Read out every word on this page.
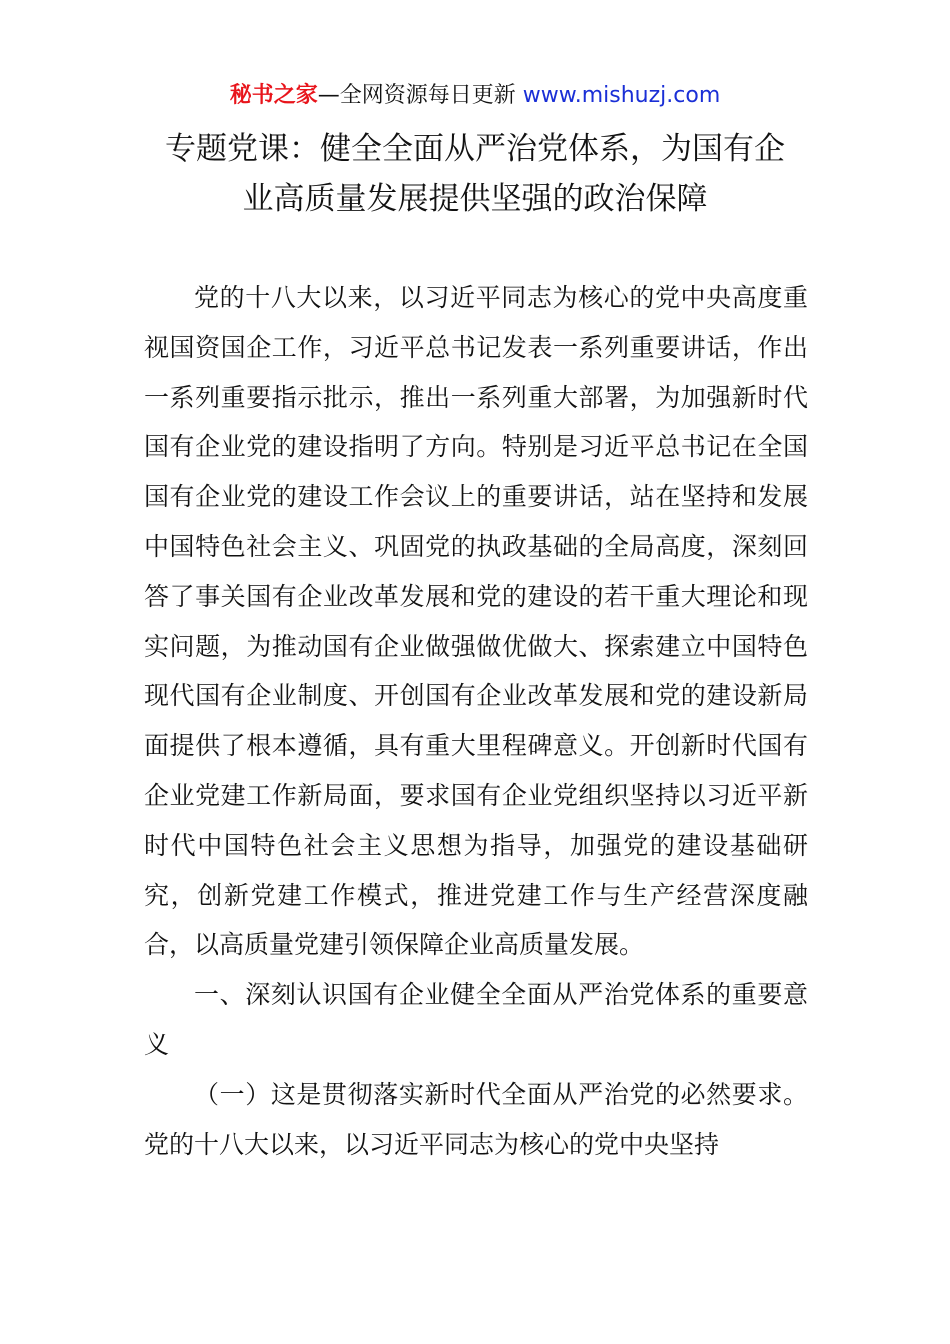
秘书之家—全网资源每日更新 www.mishuzj.com
专题党课：健全全面从严治党体系，为国有企
业高质量发展提供坚强的政治保障

党的十八大以来，以习近平同志为核心的党中央高度重视国资国企工作，习近平总书记发表一系列重要讲话，作出一系列重要指示批示，推出一系列重大部署，为加强新时代国有企业党的建设指明了方向。特别是习近平总书记在全国国有企业党的建设工作会议上的重要讲话，站在坚持和发展中国特色社会主义、巩固党的执政基础的全局高度，深刻回答了事关国有企业改革发展和党的建设的若干重大理论和现实问题，为推动国有企业做强做优做大、探索建立中国特色现代国有企业制度、开创国有企业改革发展和党的建设新局面提供了根本遵循，具有重大里程碑意义。开创新时代国有企业党建工作新局面，要求国有企业党组织坚持以习近平新时代中国特色社会主义思想为指导，加强党的建设基础研究，创新党建工作模式，推进党建工作与生产经营深度融合，以高质量党建引领保障企业高质量发展。

一、深刻认识国有企业健全全面从严治党体系的重要意义

（一）这是贯彻落实新时代全面从严治党的必然要求。党的十八大以来，以习近平同志为核心的党中央坚持
